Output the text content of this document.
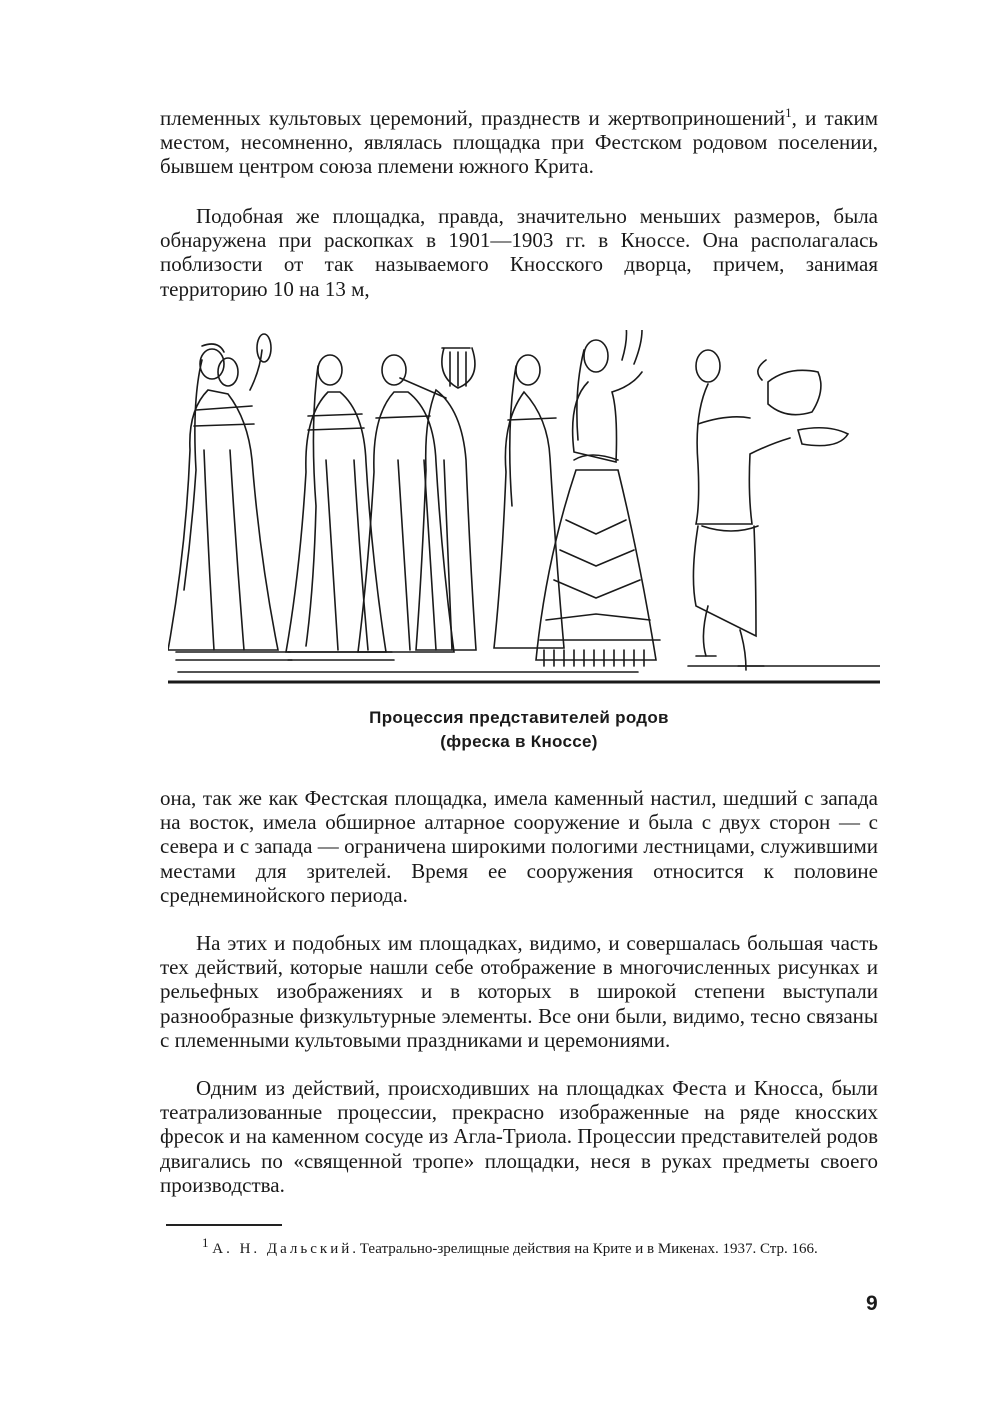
племенных культовых церемоний, празднеств и жертвоприношений$^1$, и таким местом, несомненно, являлась площадка при Фестском родовом поселении, бывшем центром союза племени южного Крита.

Подобная же площадка, правда, значительно меньших размеров, была обнаружена при раскопках в 1901—1903 гг. в Кноссе. Она располагалась поблизости от так называемого Кносского дворца, причем, занимая территорию 10 на 13 м,

Процессия представителей родов
(фреска в Кноссе)

она, так же как Фестская площадка, имела каменный настил, шедший с запада на восток, имела обширное алтарное сооружение и была с двух сторон — с севера и с запада — ограничена широкими пологими лестницами, служившими местами для зрителей. Время ее сооружения относится к половине среднеминойского периода.

На этих и подобных им площадках, видимо, и совершалась большая часть тех действий, которые нашли себе отображение в многочисленных рисунках и рельефных изображениях и в которых в широкой степени выступали разнообразные физкультурные элементы. Все они были, видимо, тесно связаны с племенными культовыми праздниками и церемониями.

Одним из действий, происходивших на площадках Феста и Кносса, были театрализованные процессии, прекрасно изображенные на ряде кносских фресок и на каменном сосуде из Агла-Триола. Процессии представителей родов двигались по «священной тропе» площадки, неся в руках предметы своего производства.

$^1$ А. Н. Дальский. Театрально-зрелищные действия на Крите и в Микенах. 1937. Стр. 166.

9
